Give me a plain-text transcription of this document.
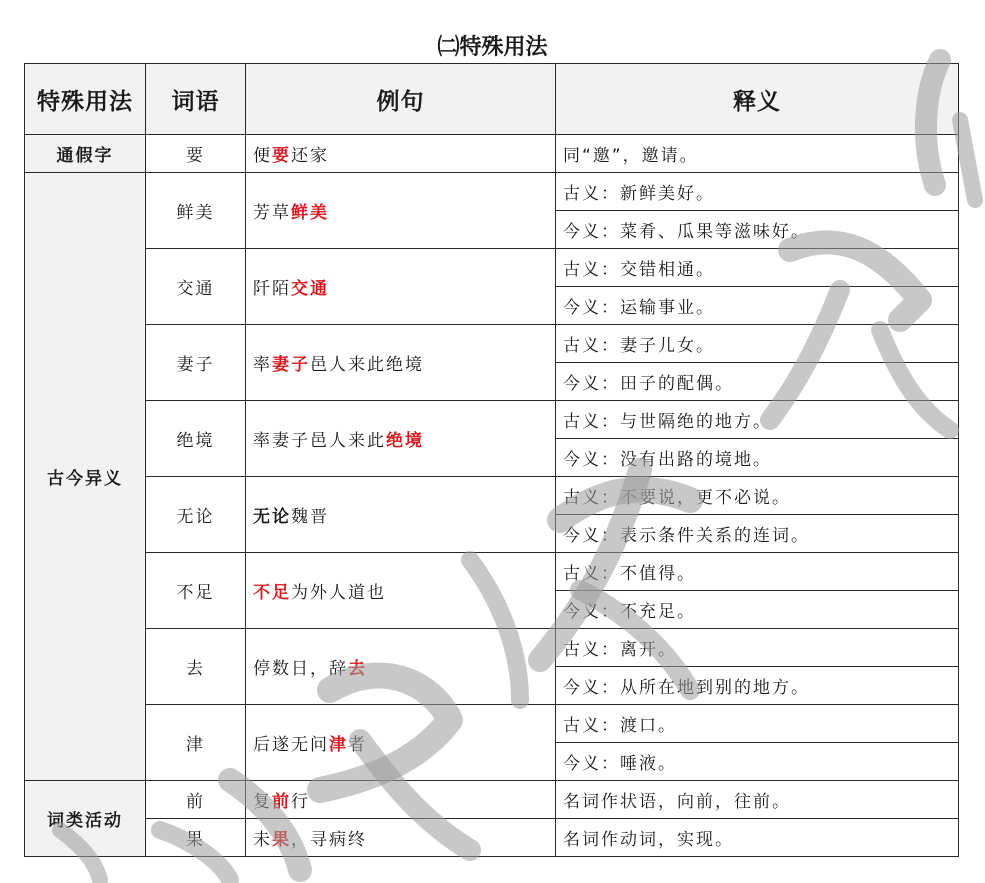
㈡特殊用法
特殊用法	词语	例句	释义
通假字	要	便要还家	同“邀”，邀请。
古今异义	鲜美	芳草鲜美	古义：新鲜美好。
			今义：菜肴、瓜果等滋味好。
	交通	阡陌交通	古义：交错相通。
			今义：运输事业。
	妻子	率妻子邑人来此绝境	古义：妻子儿女。
			今义：田子的配偶。
	绝境	率妻子邑人来此绝境	古义：与世隔绝的地方。
			今义：没有出路的境地。
	无论	无论魏晋	古义：不要说，更不必说。
			今义：表示条件关系的连词。
	不足	不足为外人道也	古义：不值得。
			今义：不充足。
	去	停数日，辞去	古义：离开。
			今义：从所在地到别的地方。
	津	后遂无问津者	古义：渡口。
			今义：唾液。
词类活动	前	复前行	名词作状语，向前，往前。
	果	未果，寻病终	名词作动词，实现。
